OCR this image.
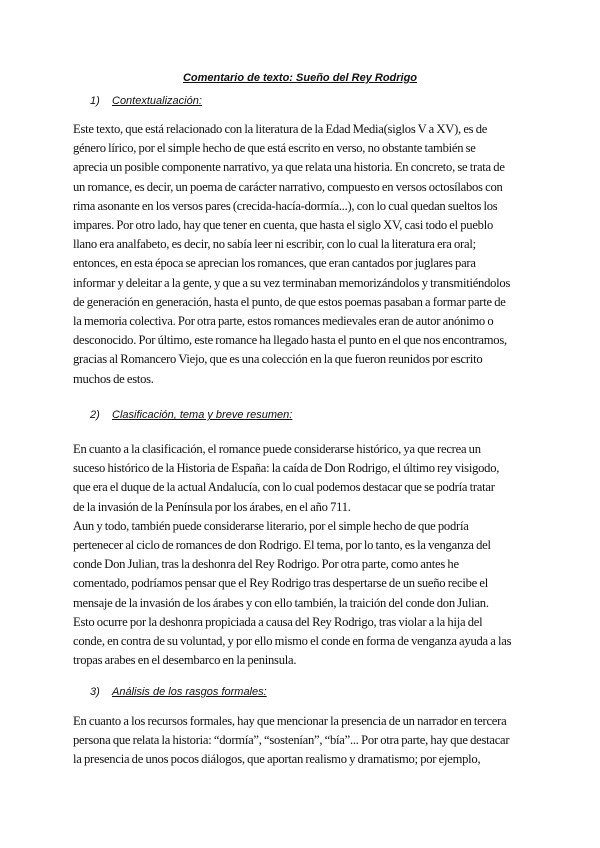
Comentario de texto: Sueño del Rey Rodrigo
1) Contextualización:
Este texto, que está relacionado con la literatura de la Edad Media(siglos V a XV), es de
género lírico, por el simple hecho de que está escrito en verso, no obstante también se
aprecia un posible componente narrativo, ya que relata una historia. En concreto, se trata de
un romance, es decir, un poema de carácter narrativo, compuesto en versos octosílabos con
rima asonante en los versos pares (crecida-hacía-dormía...), con lo cual quedan sueltos los
impares. Por otro lado, hay que tener en cuenta, que hasta el siglo XV, casi todo el pueblo
llano era analfabeto, es decir, no sabía leer ni escribir, con lo cual la literatura era oral;
entonces, en esta época se aprecian los romances, que eran cantados por juglares para
informar y deleitar a la gente, y que a su vez terminaban memorizándolos y transmitiéndolos
de generación en generación, hasta el punto, de que estos poemas pasaban a formar parte de
la memoria colectiva. Por otra parte, estos romances medievales eran de autor anónimo o
desconocido. Por último, este romance ha llegado hasta el punto en el que nos encontramos,
gracias al Romancero Viejo, que es una colección en la que fueron reunidos por escrito
muchos de estos.
2) Clasificación, tema y breve resumen:
En cuanto a la clasificación, el romance puede considerarse histórico, ya que recrea un
suceso histórico de la Historia de España: la caída de Don Rodrigo, el último rey visigodo,
que era el duque de la actual Andalucía, con lo cual podemos destacar que se podría tratar
de la invasión de la Península por los árabes, en el año 711.
Aun y todo, también puede considerarse literario, por el simple hecho de que podría
pertenecer al ciclo de romances de don Rodrigo. El tema, por lo tanto, es la venganza del
conde Don Julian, tras la deshonra del Rey Rodrigo. Por otra parte, como antes he
comentado, podríamos pensar que el Rey Rodrigo tras despertarse de un sueño recibe el
mensaje de la invasión de los árabes y con ello también, la traición del conde don Julian.
Esto ocurre por la deshonra propiciada a causa del Rey Rodrigo, tras violar a la hija del
conde, en contra de su voluntad, y por ello mismo el conde en forma de venganza ayuda a las
tropas arabes en el desembarco en la peninsula.
3) Análisis de los rasgos formales:
En cuanto a los recursos formales, hay que mencionar la presencia de un narrador en tercera
persona que relata la historia: “dormía”, “sostenían”, “bía”... Por otra parte, hay que destacar
la presencia de unos pocos diálogos, que aportan realismo y dramatismo; por ejemplo,
